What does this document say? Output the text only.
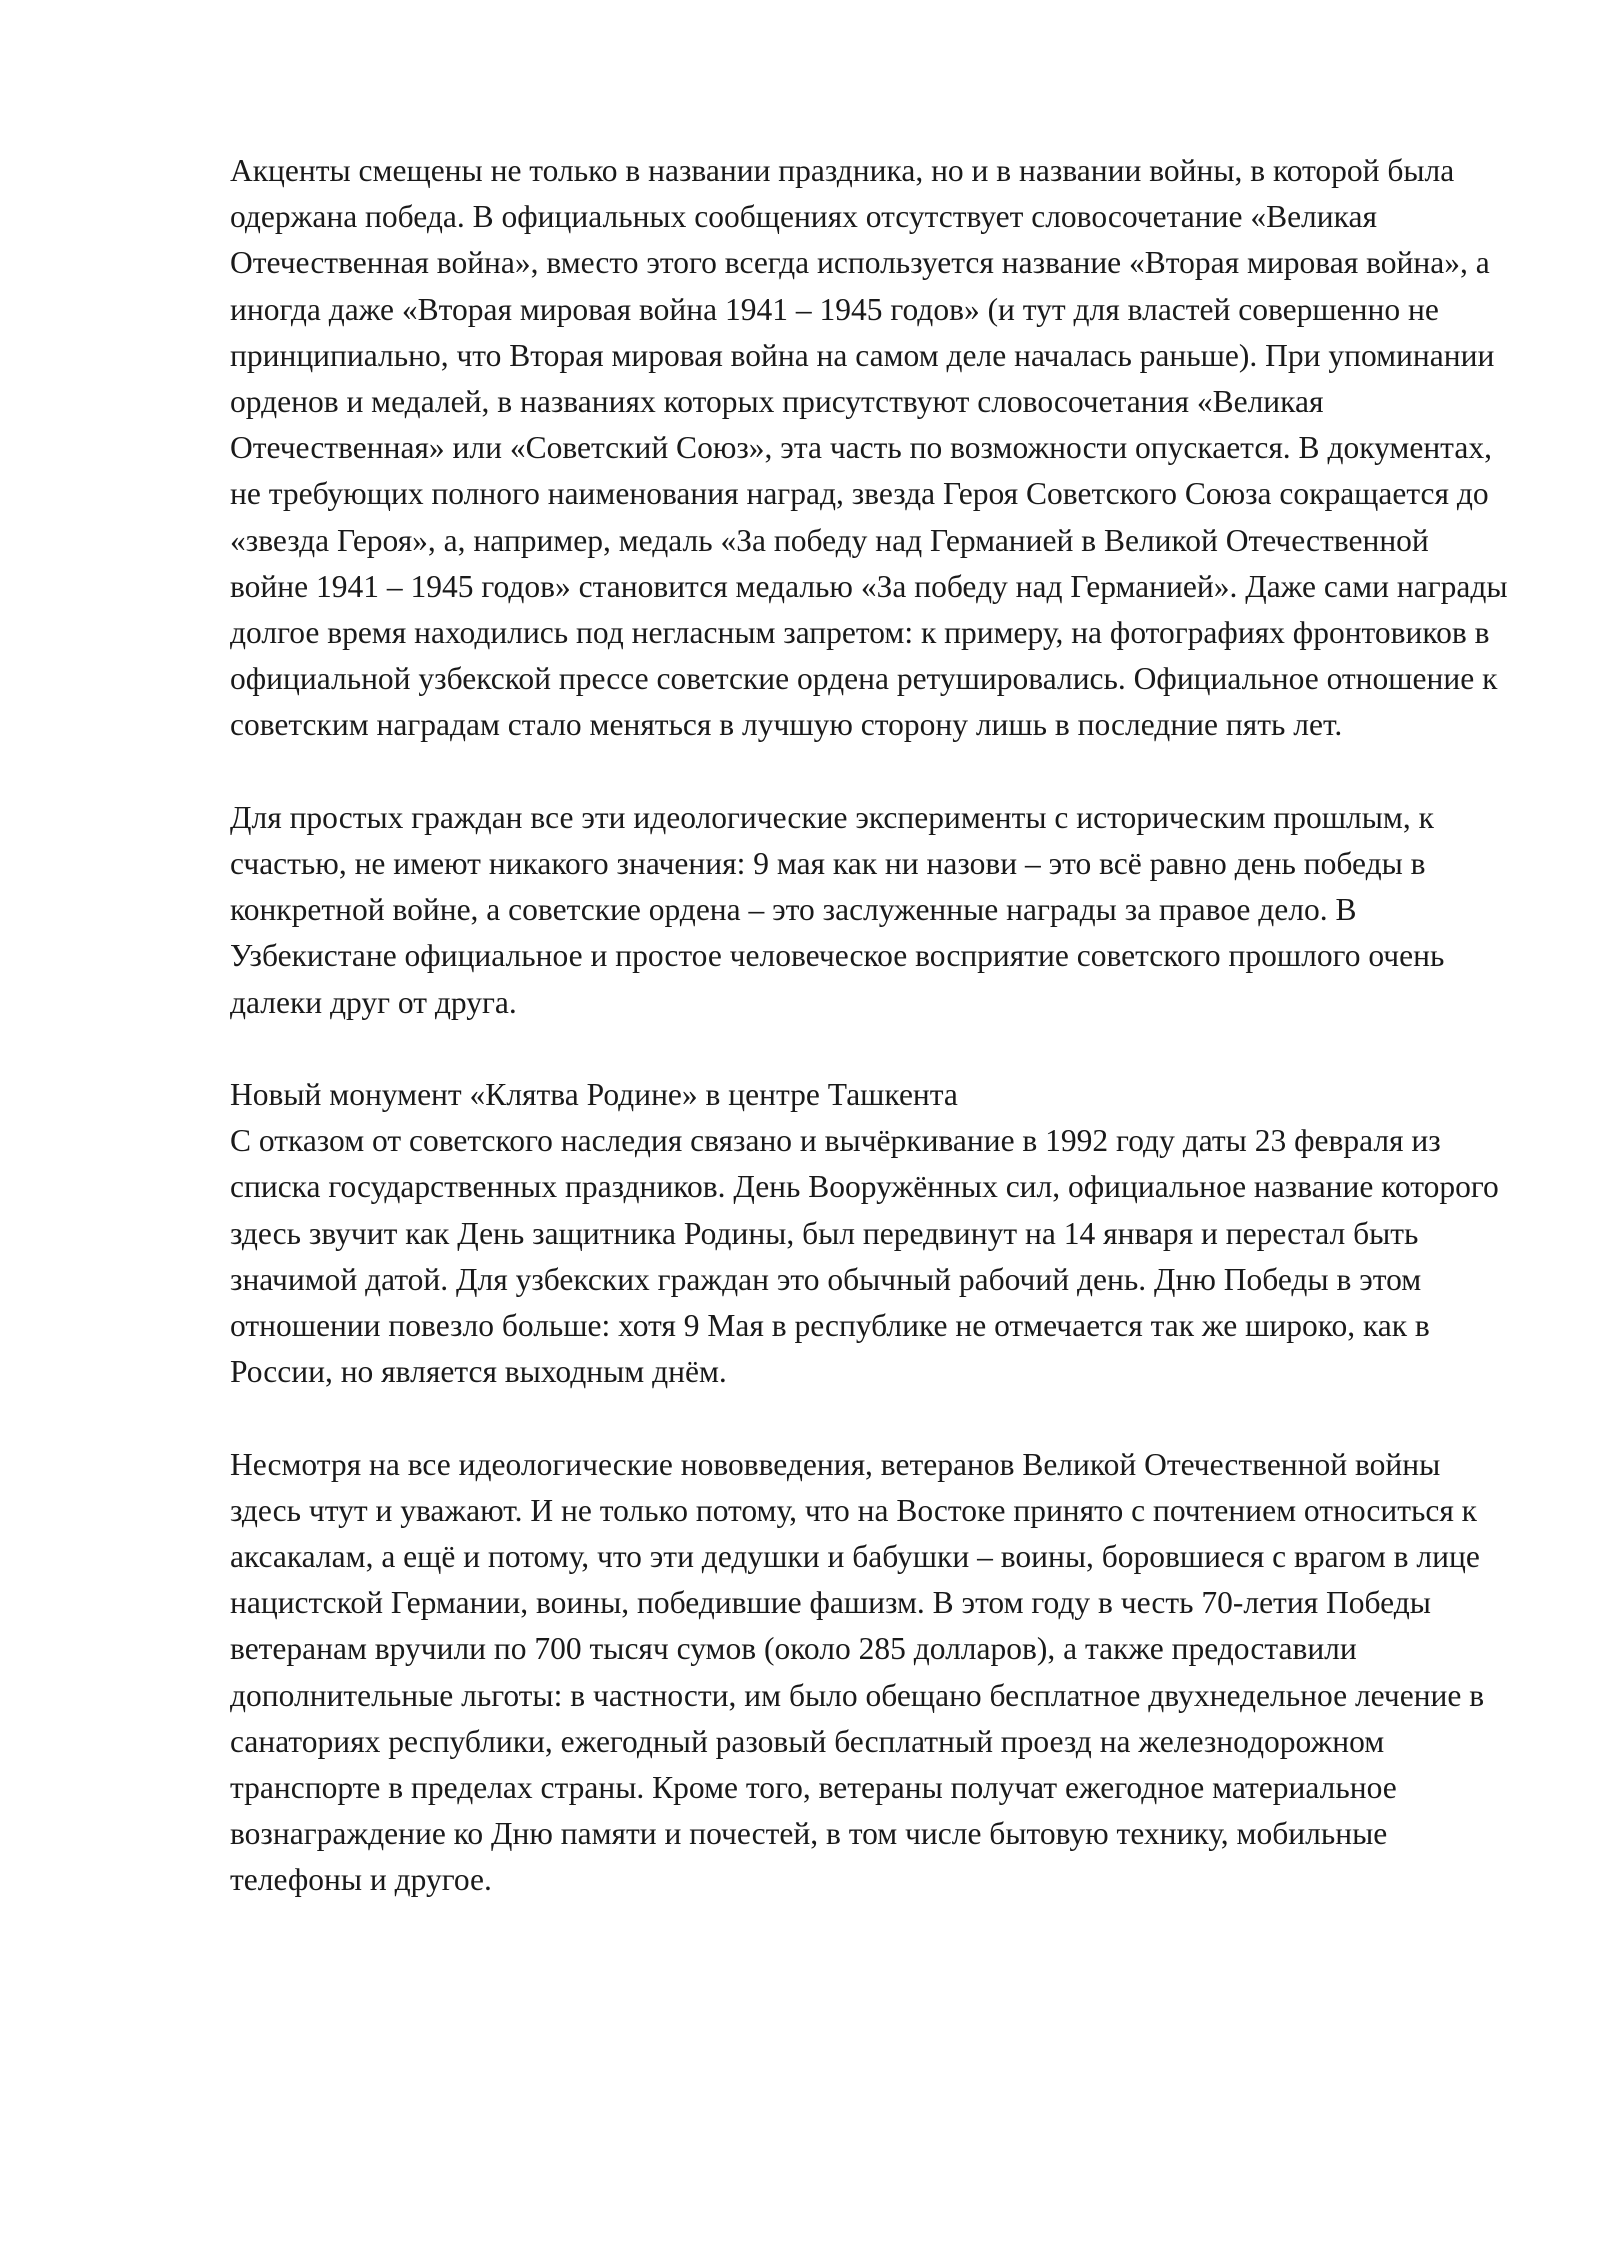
Акценты смещены не только в названии праздника, но и в названии войны, в которой была одержана победа. В официальных сообщениях отсутствует словосочетание «Великая Отечественная война», вместо этого всегда используется название «Вторая мировая война», а иногда даже «Вторая мировая война 1941 – 1945 годов» (и тут для властей совершенно не принципиально, что Вторая мировая война на самом деле началась раньше). При упоминании орденов и медалей, в названиях которых присутствуют словосочетания «Великая Отечественная» или «Советский Союз», эта часть по возможности опускается. В документах, не требующих полного наименования наград, звезда Героя Советского Союза сокращается до «звезда Героя», а, например, медаль «За победу над Германией в Великой Отечественной войне 1941 – 1945 годов» становится медалью «За победу над Германией». Даже сами награды долгое время находились под негласным запретом: к примеру, на фотографиях фронтовиков в официальной узбекской прессе советские ордена ретушировались. Официальное отношение к советским наградам стало меняться в лучшую сторону лишь в последние пять лет.

Для простых граждан все эти идеологические эксперименты с историческим прошлым, к счастью, не имеют никакого значения: 9 мая как ни назови – это всё равно день победы в конкретной войне, а советские ордена – это заслуженные награды за правое дело. В Узбекистане официальное и простое человеческое восприятие советского прошлого очень далеки друг от друга.

Новый монумент «Клятва Родине» в центре Ташкента

С отказом от советского наследия связано и вычёркивание в 1992 году даты 23 февраля из списка государственных праздников. День Вооружённых сил, официальное название которого здесь звучит как День защитника Родины, был передвинут на 14 января и перестал быть значимой датой. Для узбекских граждан это обычный рабочий день. Дню Победы в этом отношении повезло больше: хотя 9 Мая в республике не отмечается так же широко, как в России, но является выходным днём.

Несмотря на все идеологические нововведения, ветеранов Великой Отечественной войны здесь чтут и уважают. И не только потому, что на Востоке принято с почтением относиться к аксакалам, а ещё и потому, что эти дедушки и бабушки – воины, боровшиеся с врагом в лице нацистской Германии, воины, победившие фашизм. В этом году в честь 70-летия Победы ветеранам вручили по 700 тысяч сумов (около 285 долларов), а также предоставили дополнительные льготы: в частности, им было обещано бесплатное двухнедельное лечение в санаториях республики, ежегодный разовый бесплатный проезд на железнодорожном транспорте в пределах страны. Кроме того, ветераны получат ежегодное материальное вознаграждение ко Дню памяти и почестей, в том числе бытовую технику, мобильные телефоны и другое.
